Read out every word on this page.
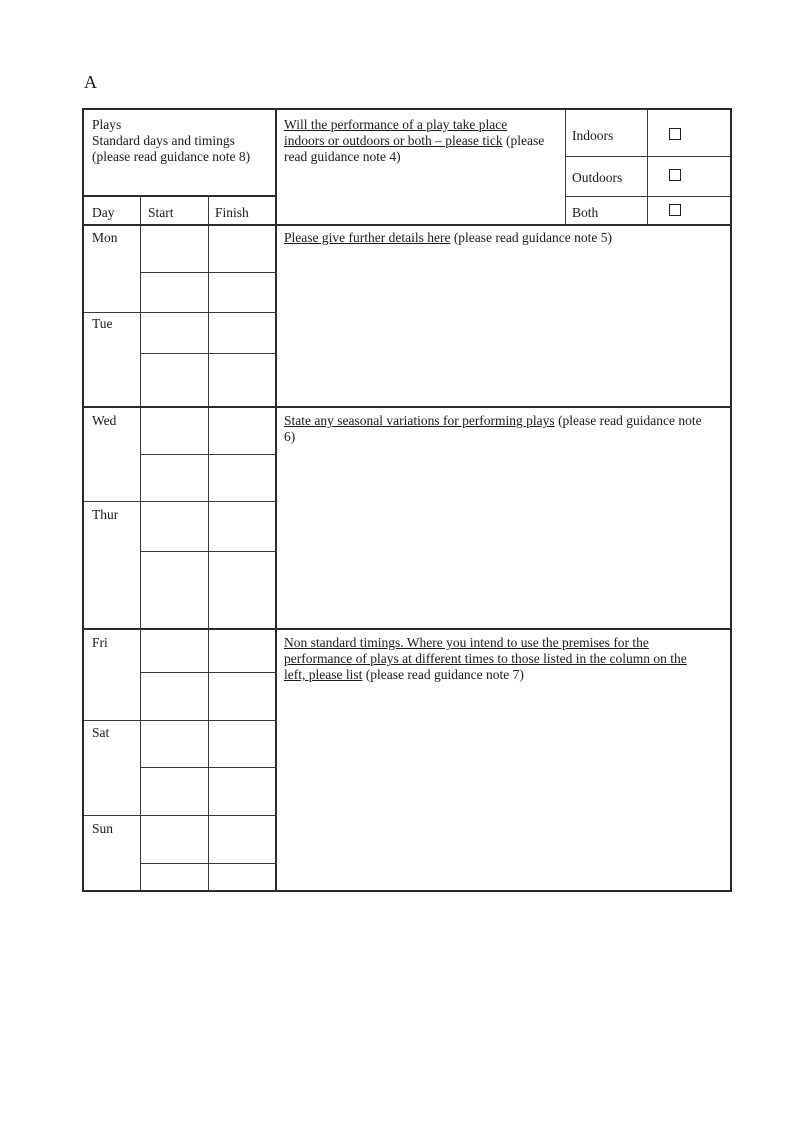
A
Plays
Standard days and timings
(please read guidance note 8)
Will the performance of a play take place
indoors or outdoors or both – please tick (please
read guidance note 4)
Indoors
Outdoors
Both
Day Start	Finish
Mon
Tue
Wed
Thur
Fri
Sat
Sun
Please give further details here (please read guidance note 5)
State any seasonal variations for performing plays (please read guidance note
6)
Non standard timings. Where you intend to use the premises for the
performance of plays at different times to those listed in the column on the
left, please list (please read guidance note 7)
